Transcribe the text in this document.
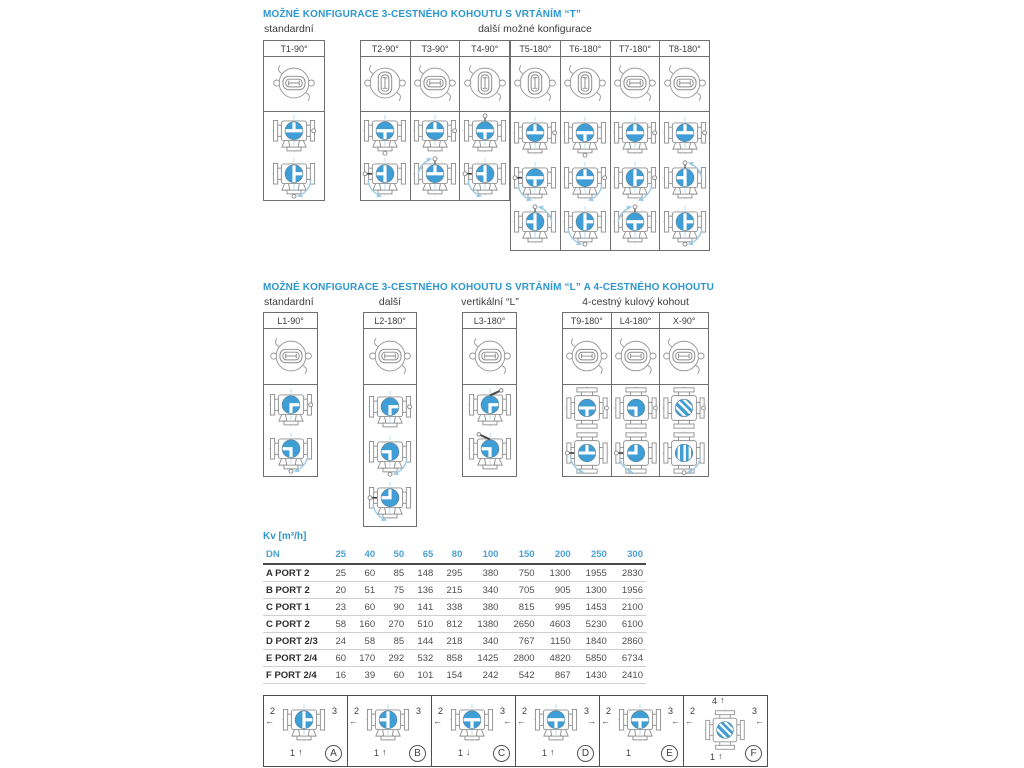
MOŽNÉ KONFIGURACE 3-CESTNÉHO KOHOUTU S VRTÁNÍM “T”
standardní	další možné konfigurace
T1-90°	T2-90°	T3-90°	T4-90° T5-180° T6-180° T7-180° T8-180°
MOŽNÉ KONFIGURACE 3-CESTNÉHO KOHOUTU S VRTÁNÍM “L” A 4-CESTNÉHO KOHOUTU
standardní	další	vertikální “L”	4-cestný kulový kohout
L1-90°	L2-180°	L3-180°	T9-180° L4-180° X-90°
Kv [m³/h]
DN	25	40	50	65	80	100	150	200	250	300
A PORT 2	25	60	85	148	295	380	750	1300	1955	2830
B PORT 2	20	51	75	136	215	340	705	905	1300	1956
C PORT 1	23	60	90	141	338	380	815	995	1453	2100
C PORT 2	58	160	270	510	812	1380	2650	4603	5230	6100
D PORT 2/3	24	58	85	144	218	340	767	1150	1840	2860
E PORT 2/4	60	170	292	532	858	1425	2800	4820	5850	6734
F PORT 2/4	16	39	60	101	154	242	542	867	1430	2410
2
←
3
1 ↑	A
2
←
3
1 ↑	B
2
←
3
←
1 ↓	C
2
←
3
→
1 ↑	D
2
←
3
←
1	E
4 ↑
2
←
3
←
1 ↑	F
